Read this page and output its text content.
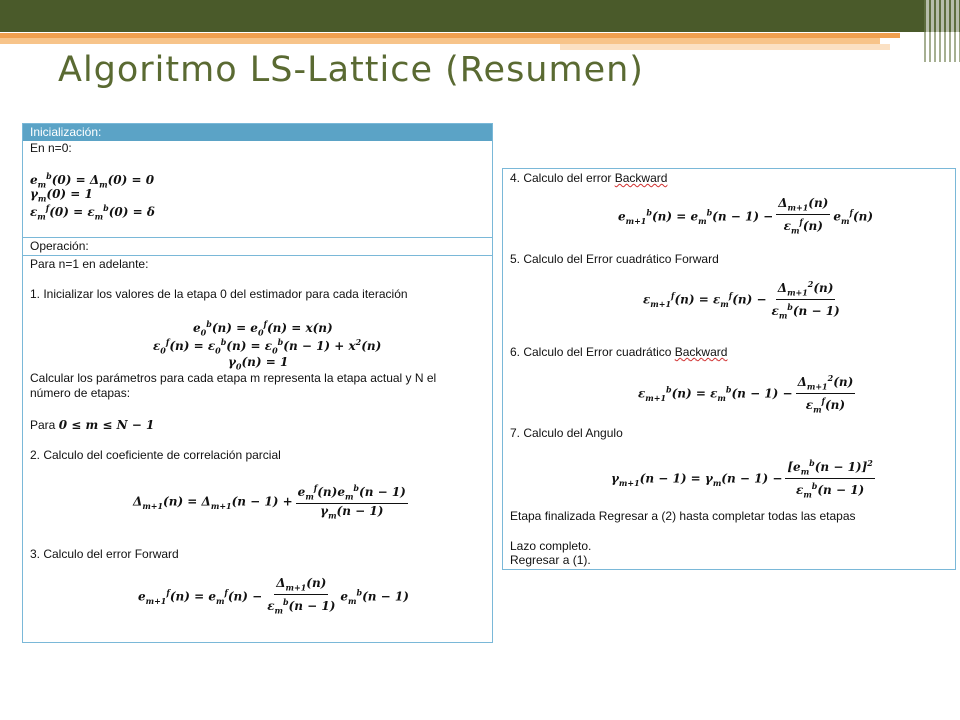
Algoritmo LS-Lattice (Resumen)
Inicialización:
En n=0:
$e_m^b(0) = \Delta_m(0) = 0$
$\gamma_m(0) = 1$
$\varepsilon_m^f(0) = \varepsilon_m^b(0) = \delta$
Operación:
Para n=1 en adelante:
1. Inicializar los valores de la etapa 0 del estimador para cada iteración
$e_0^b(n) = e_0^f(n) = x(n)$
$\varepsilon_0^f(n) = \varepsilon_0^b(n) = \varepsilon_0^b(n - 1) + x^2(n)$
$\gamma_0(n) = 1$
Calcular los parámetros para cada etapa m representa la etapa actual y N el
número de etapas:
Para 0 ≤ m ≤ N − 1
2. Calculo del coeficiente de correlación parcial
$\Delta_{m+1}(n) = \Delta_{m+1}(n - 1) + \frac{e_m^f(n)e_m^b(n - 1)}{\gamma_m(n - 1)}$
3. Calculo del error Forward
$e_{m+1}^f(n) = e_m^f(n) - \frac{\Delta_{m+1}(n)}{\varepsilon_m^b(n - 1)} e_m^b(n - 1)$
4. Calculo del error Backward
$e_{m+1}^b(n) = e_m^b(n - 1) - \frac{\Delta_{m+1}(n)}{\varepsilon_m^f(n)} e_m^f(n)$
5. Calculo del Error cuadrático Forward
$\varepsilon_{m+1}^f(n) = \varepsilon_m^f(n) - \frac{\Delta_{m+1}^2(n)}{\varepsilon_m^b(n - 1)}$
6. Calculo del Error cuadrático Backward
$\varepsilon_{m+1}^b(n) = \varepsilon_m^b(n - 1) - \frac{\Delta_{m+1}^2(n)}{\varepsilon_m^f(n)}$
7. Calculo del Angulo
$\gamma_{m+1}(n - 1) = \gamma_m(n - 1) - \frac{[e_m^b(n - 1)]^2}{\varepsilon_m^b(n - 1)}$
Etapa finalizada Regresar a (2) hasta completar todas las etapas
Lazo completo.
Regresar a (1).
